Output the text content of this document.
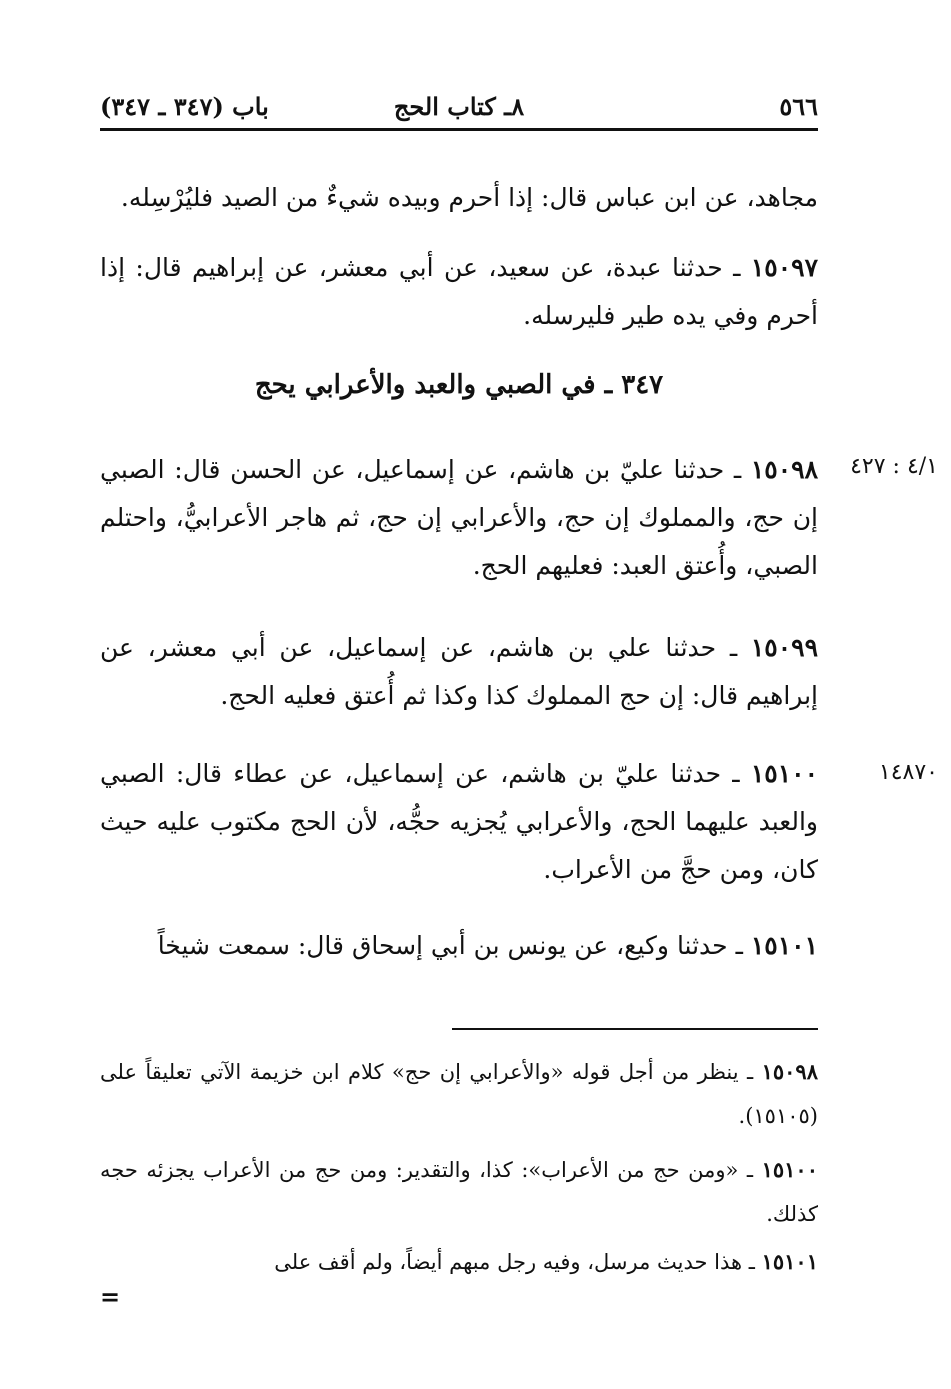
٥٦٦
٨ـ كتاب الحج
باب (٣٤٧ ـ ٣٤٧)
مجاهد، عن ابن عباس قال: إذا أحرم وبيده شيءٌ من الصيد فليُرْسِله.
١٥٠٩٧ ـ حدثنا عبدة، عن سعيد، عن أبي معشر، عن إبراهيم قال: إذا أحرم وفي يده طير فليرسله.
٣٤٧ ـ في الصبي والعبد والأعرابي يحج
٤/١ : ٤٢٧
١٥٠٩٨ ـ حدثنا عليّ بن هاشم، عن إسماعيل، عن الحسن قال: الصبي إن حج، والمملوك إن حج، والأعرابي إن حج، ثم هاجر الأعرابيُّ، واحتلم الصبي، وأُعتق العبد: فعليهم الحج.
١٥٠٩٩ ـ حدثنا علي بن هاشم، عن إسماعيل، عن أبي معشر، عن إبراهيم قال: إن حج المملوك كذا وكذا ثم أُعتق فعليه الحج.
١٤٨٧٠
١٥١٠٠ ـ حدثنا عليّ بن هاشم، عن إسماعيل، عن عطاء قال: الصبي والعبد عليهما الحج، والأعرابي يُجزيه حجُّه، لأن الحج مكتوب عليه حيث كان، ومن حجَّ من الأعراب.
١٥١٠١ ـ حدثنا وكيع، عن يونس بن أبي إسحاق قال: سمعت شيخاً
١٥٠٩٨ ـ ينظر من أجل قوله «والأعرابي إن حج» كلام ابن خزيمة الآتي تعليقاً على (١٥١٠٥).
١٥١٠٠ ـ «ومن حج من الأعراب»: كذا، والتقدير: ومن حج من الأعراب يجزئه حجه كذلك.
١٥١٠١ ـ هذا حديث مرسل، وفيه رجل مبهم أيضاً، ولم أقف على
=
